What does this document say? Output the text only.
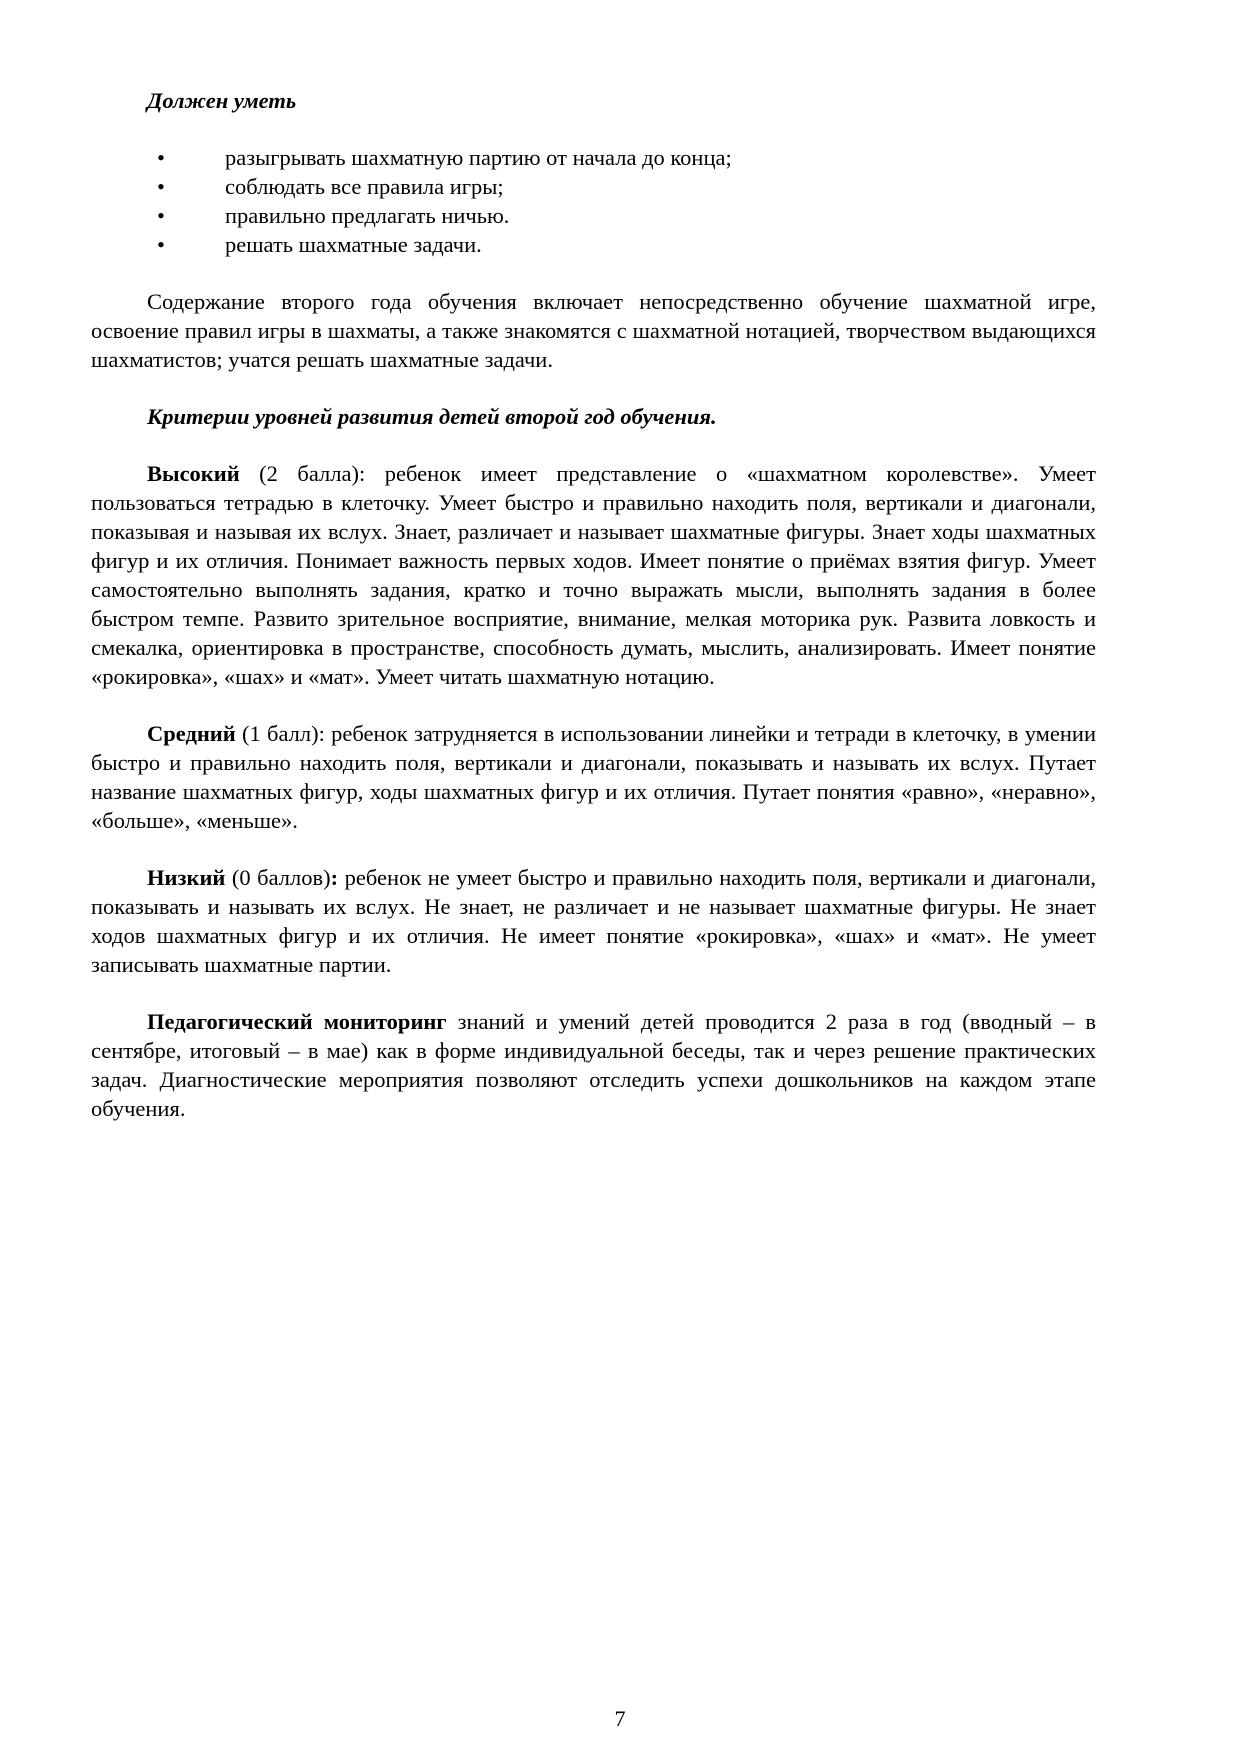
Должен уметь

•	разыгрывать шахматную партию от начала до конца;
•	соблюдать все правила игры;
•	правильно предлагать ничью.
•	решать шахматные задачи.

Содержание второго года обучения включает непосредственно обучение шахматной игре, освоение правил игры в шахматы, а также знакомятся с шахматной нотацией, творчеством выдающихся шахматистов; учатся решать шахматные задачи.

Критерии уровней развития детей второй год обучения.

Высокий (2 балла): ребенок имеет представление о «шахматном королевстве». Умеет пользоваться тетрадью в клеточку. Умеет быстро и правильно находить поля, вертикали и диагонали, показывая и называя их вслух. Знает, различает и называет шахматные фигуры. Знает ходы шахматных фигур и их отличия. Понимает важность первых ходов. Имеет понятие о приёмах взятия фигур. Умеет самостоятельно выполнять задания, кратко и точно выражать мысли, выполнять задания в более быстром темпе. Развито зрительное восприятие, внимание, мелкая моторика рук. Развита ловкость и смекалка, ориентировка в пространстве, способность думать, мыслить, анализировать. Имеет понятие «рокировка», «шах» и «мат». Умеет читать шахматную нотацию.

Средний (1 балл): ребенок затрудняется в использовании линейки и тетради в клеточку, в умении быстро и правильно находить поля, вертикали и диагонали, показывать и называть их вслух. Путает название шахматных фигур, ходы шахматных фигур и их отличия. Путает понятия «равно», «неравно», «больше», «меньше».

Низкий (0 баллов): ребенок не умеет быстро и правильно находить поля, вертикали и диагонали, показывать и называть их вслух. Не знает, не различает и не называет шахматные фигуры. Не знает ходов шахматных фигур и их отличия. Не имеет понятие «рокировка», «шах» и «мат». Не умеет записывать шахматные партии.

Педагогический мониторинг знаний и умений детей проводится 2 раза в год (вводный – в сентябре, итоговый – в мае) как в форме индивидуальной беседы, так и через решение практических задач. Диагностические мероприятия позволяют отследить успехи дошкольников на каждом этапе обучения.

7
